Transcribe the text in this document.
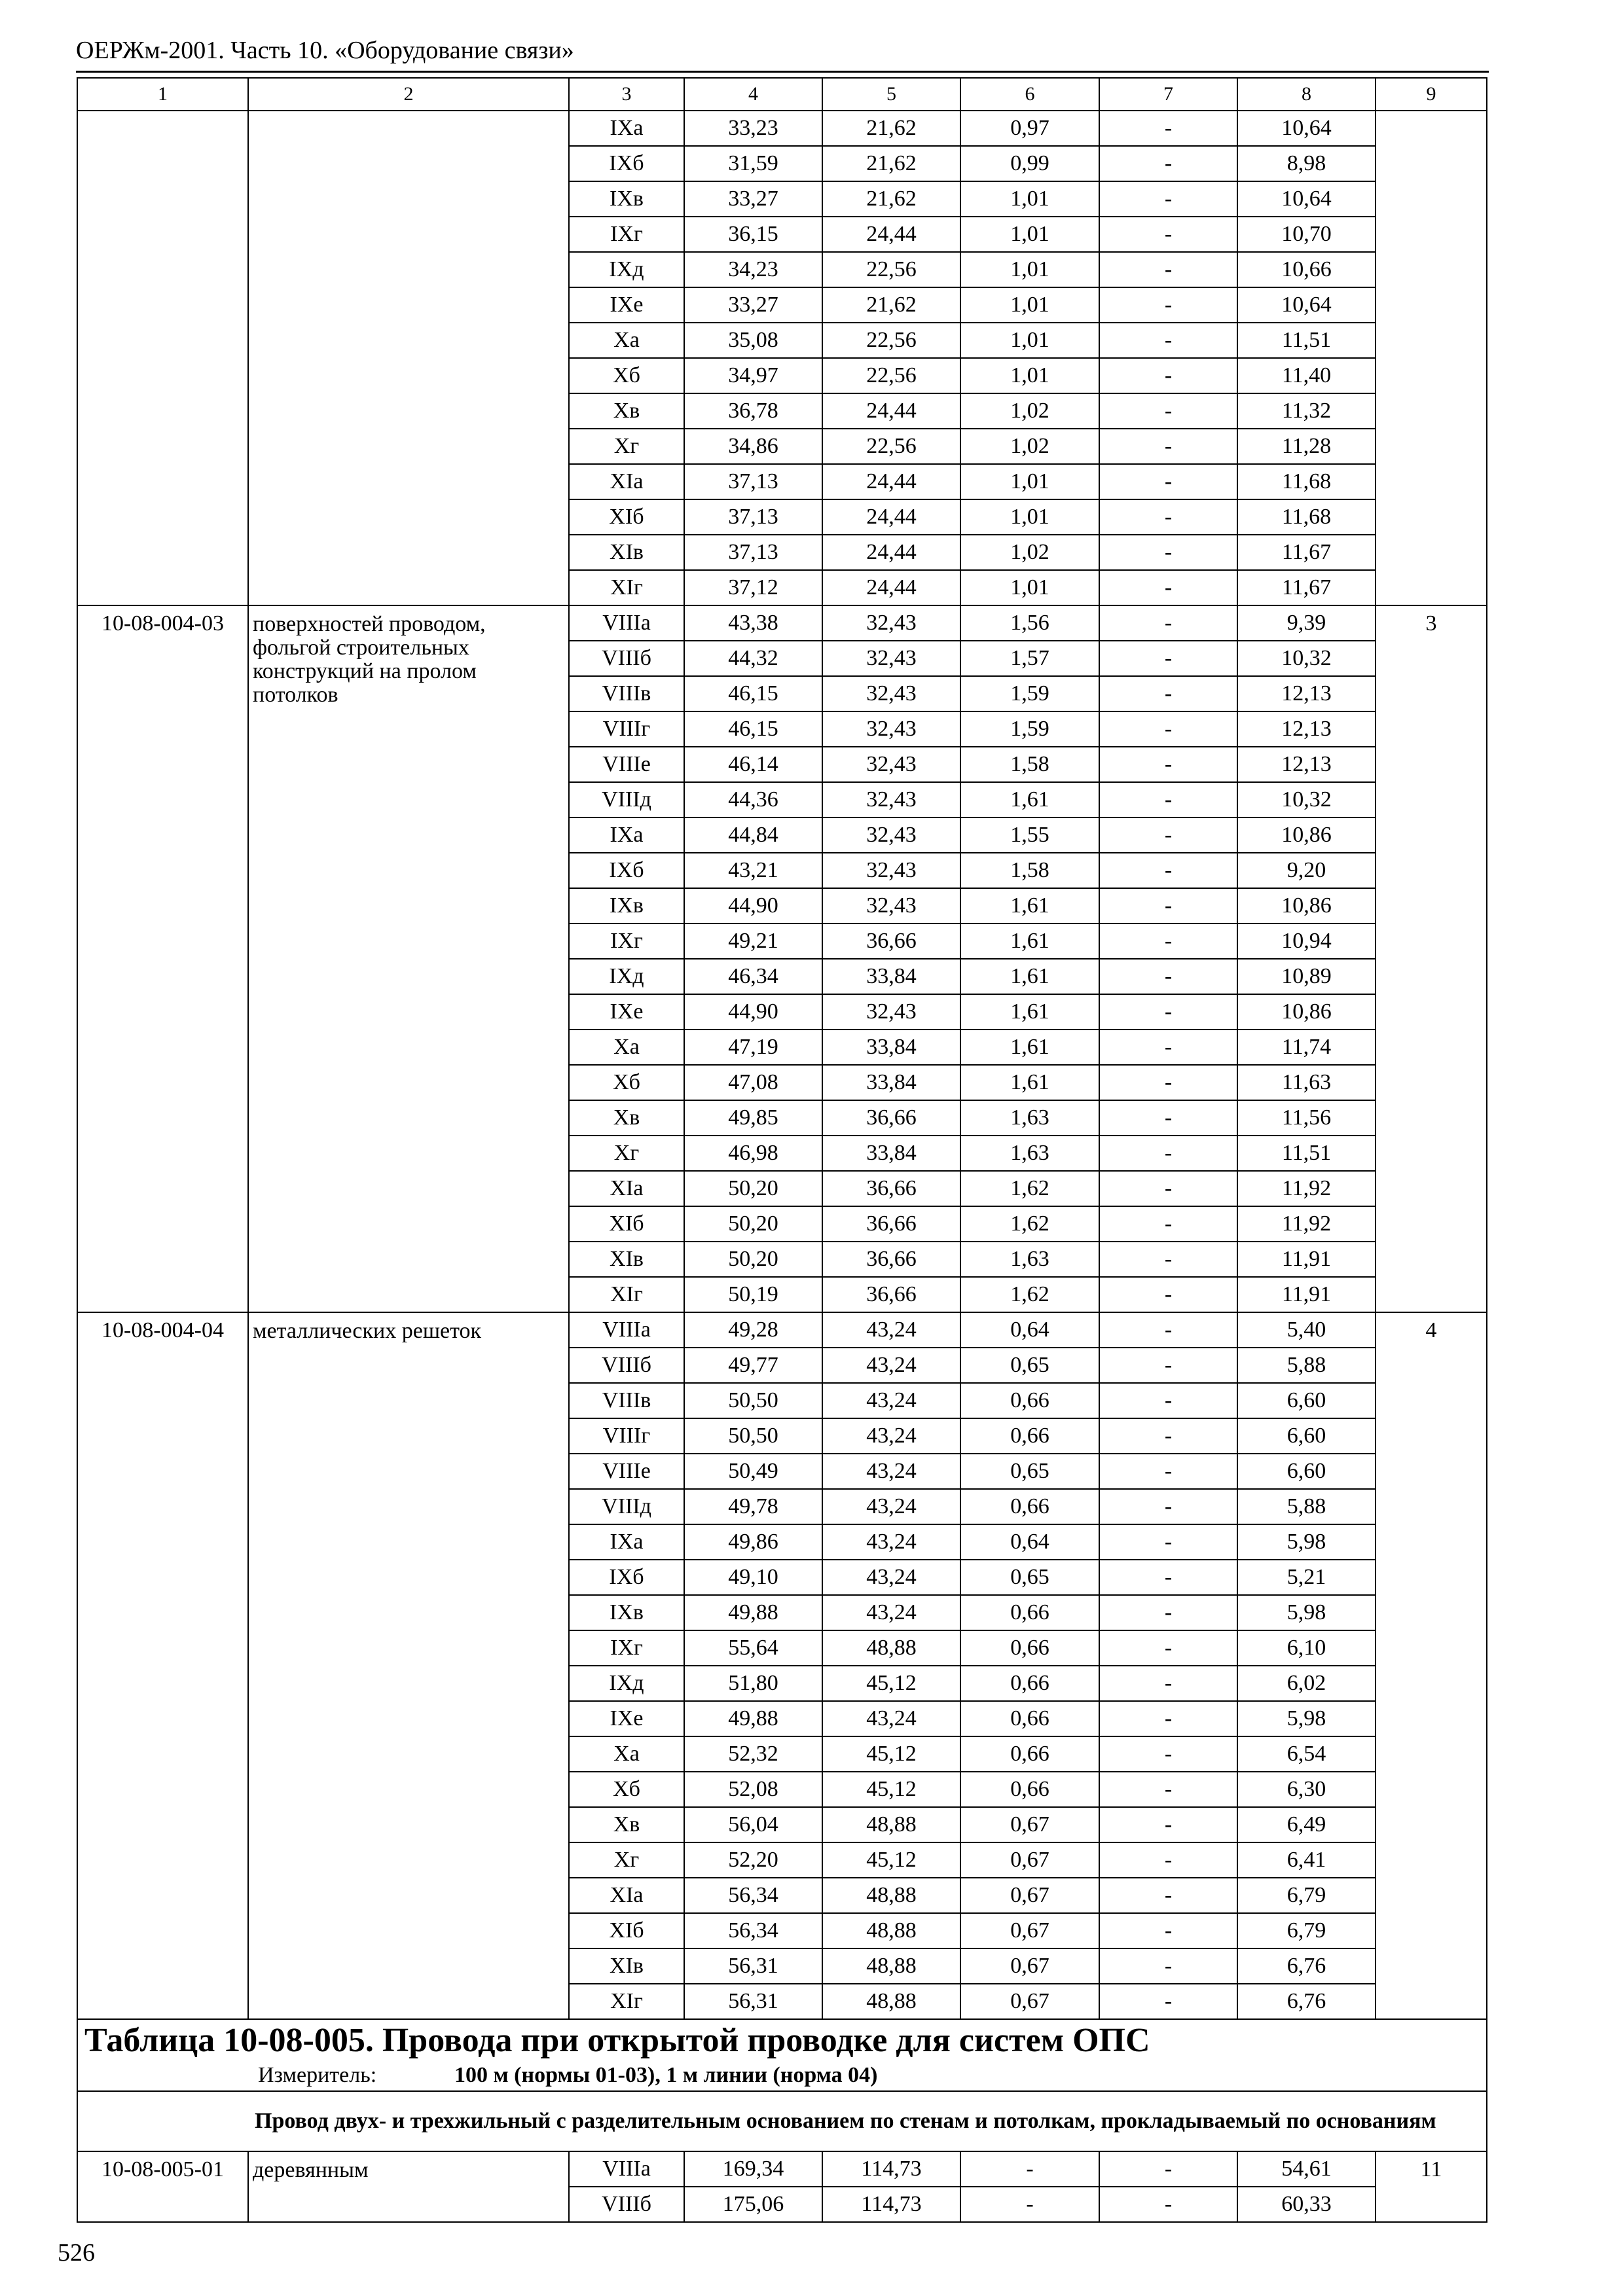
ОЕРЖм-2001. Часть 10. «Оборудование связи»
1	2	3	4	5	6	7	8	9
		IXa	33,23	21,62	0,97	-	10,64	
		IXб	31,59	21,62	0,99	-	8,98	
		IXв	33,27	21,62	1,01	-	10,64	
		IXг	36,15	24,44	1,01	-	10,70	
		IXд	34,23	22,56	1,01	-	10,66	
		IXe	33,27	21,62	1,01	-	10,64	
		Xa	35,08	22,56	1,01	-	11,51	
		Xб	34,97	22,56	1,01	-	11,40	
		Xв	36,78	24,44	1,02	-	11,32	
		Xг	34,86	22,56	1,02	-	11,28	
		XIa	37,13	24,44	1,01	-	11,68	
		XIб	37,13	24,44	1,01	-	11,68	
		XIв	37,13	24,44	1,02	-	11,67	
		XIг	37,12	24,44	1,01	-	11,67	
10-08-004-03	поверхностей проводом, фольгой строительных конструкций на пролом потолков	VIIIa	43,38	32,43	1,56	-	9,39	3
		VIIIб	44,32	32,43	1,57	-	10,32	
		VIIIв	46,15	32,43	1,59	-	12,13	
		VIIIг	46,15	32,43	1,59	-	12,13	
		VIIIe	46,14	32,43	1,58	-	12,13	
		VIIIд	44,36	32,43	1,61	-	10,32	
		IXa	44,84	32,43	1,55	-	10,86	
		IXб	43,21	32,43	1,58	-	9,20	
		IXв	44,90	32,43	1,61	-	10,86	
		IXг	49,21	36,66	1,61	-	10,94	
		IXд	46,34	33,84	1,61	-	10,89	
		IXe	44,90	32,43	1,61	-	10,86	
		Xa	47,19	33,84	1,61	-	11,74	
		Xб	47,08	33,84	1,61	-	11,63	
		Xв	49,85	36,66	1,63	-	11,56	
		Xг	46,98	33,84	1,63	-	11,51	
		XIa	50,20	36,66	1,62	-	11,92	
		XIб	50,20	36,66	1,62	-	11,92	
		XIв	50,20	36,66	1,63	-	11,91	
		XIг	50,19	36,66	1,62	-	11,91	
10-08-004-04	металлических решеток	VIIIa	49,28	43,24	0,64	-	5,40	4
		VIIIб	49,77	43,24	0,65	-	5,88	
		VIIIв	50,50	43,24	0,66	-	6,60	
		VIIIг	50,50	43,24	0,66	-	6,60	
		VIIIe	50,49	43,24	0,65	-	6,60	
		VIIIд	49,78	43,24	0,66	-	5,88	
		IXa	49,86	43,24	0,64	-	5,98	
		IXб	49,10	43,24	0,65	-	5,21	
		IXв	49,88	43,24	0,66	-	5,98	
		IXг	55,64	48,88	0,66	-	6,10	
		IXд	51,80	45,12	0,66	-	6,02	
		IXe	49,88	43,24	0,66	-	5,98	
		Xa	52,32	45,12	0,66	-	6,54	
		Xб	52,08	45,12	0,66	-	6,30	
		Xв	56,04	48,88	0,67	-	6,49	
		Xг	52,20	45,12	0,67	-	6,41	
		XIa	56,34	48,88	0,67	-	6,79	
		XIб	56,34	48,88	0,67	-	6,79	
		XIв	56,31	48,88	0,67	-	6,76	
		XIг	56,31	48,88	0,67	-	6,76	

Таблица 10-08-005. Провода при открытой проводке для систем ОПС
Измеритель: 100 м (нормы 01-03), 1 м линии (норма 04)								

Провод двух- и трехжильный с разделительным основанием по стенам и потолкам, прокладываемый по основаниям								
10-08-005-01	деревянным	VIIIa	169,34	114,73	-	-	54,61	11
		VIIIб	175,06	114,73	-	-	60,33	
526
